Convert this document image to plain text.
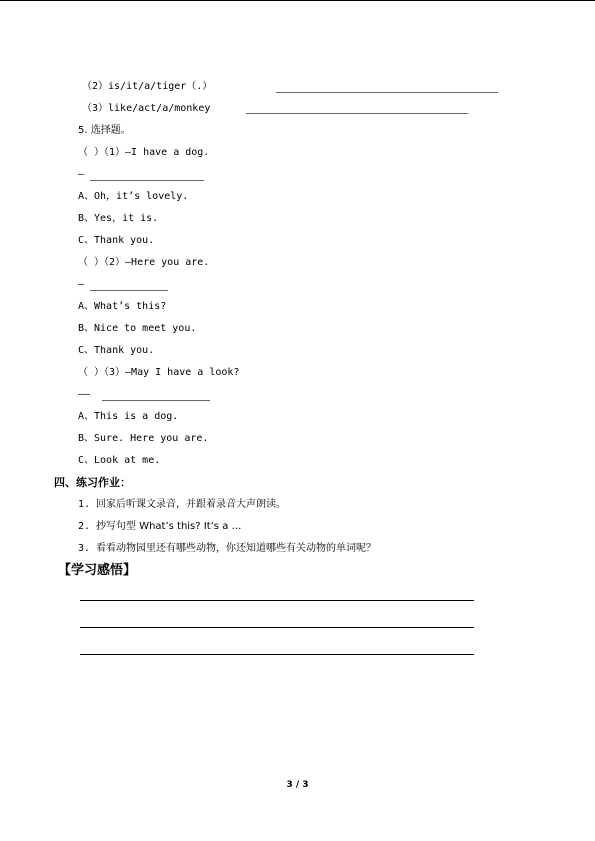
（2）is/it/a/tiger（.）
（3）like/act/a/monkey
5. 选择题。
（ ）（1）—I have a dog.
—
A、Oh，it’s lovely.
B、Yes，it is.
C、Thank you.
（ ）（2）—Here you are.
—
A、What’s this?
B、Nice to meet you.
C、Thank you.
（ ）（3）—May I have a look?
——
A、This is a dog.
B、Sure. Here you are.
C、Look at me.
四、练习作业：
1. 回家后听课文录音，并跟着录音大声朗读。
2. 抄写句型 What’s this? It’s a …
3. 看看动物园里还有哪些动物，你还知道哪些有关动物的单词呢？
【学习感悟】
3 / 3
